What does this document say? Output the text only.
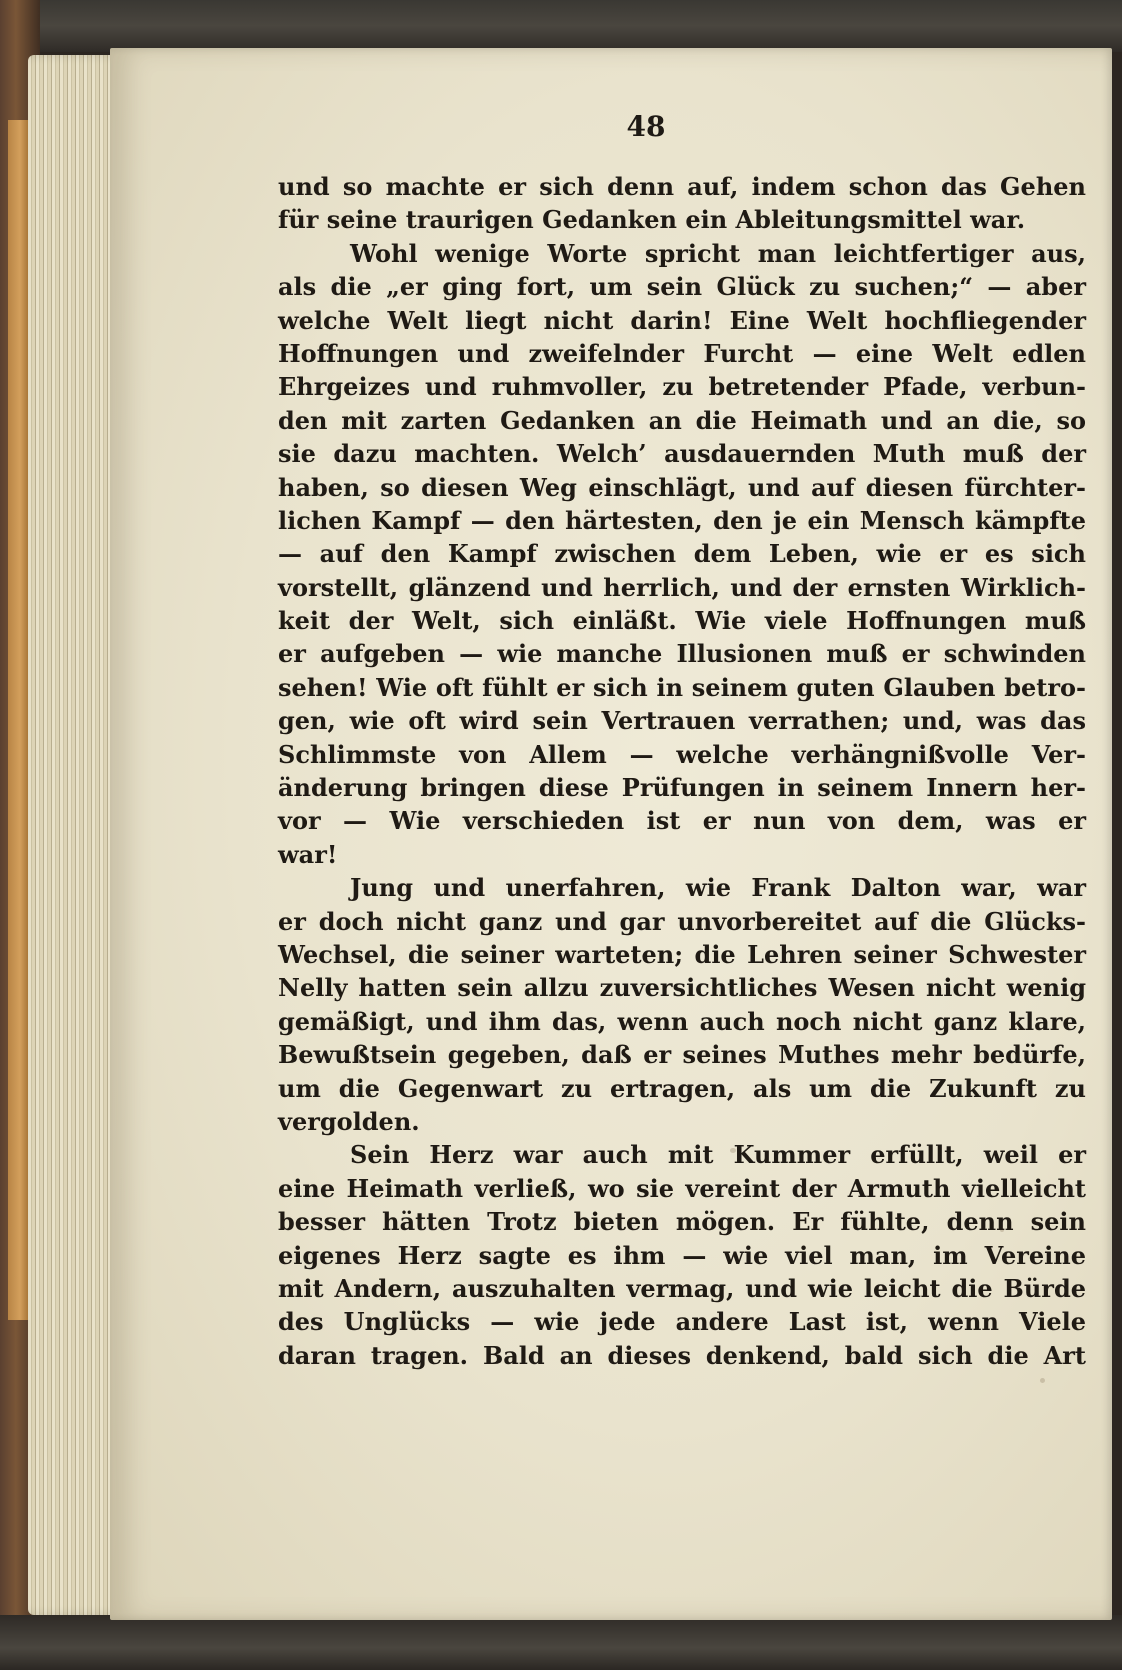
48
und so machte er sich denn auf, indem schon das Gehen
für seine traurigen Gedanken ein Ableitungsmittel war.
Wohl wenige Worte spricht man leichtfertiger aus,
als die „er ging fort, um sein Glück zu suchen;“ — aber
welche Welt liegt nicht darin! Eine Welt hochfliegender
Hoffnungen und zweifelnder Furcht — eine Welt edlen
Ehrgeizes und ruhmvoller, zu betretender Pfade, verbun-
den mit zarten Gedanken an die Heimath und an die, so
sie dazu machten. Welch’ ausdauernden Muth muß der
haben, so diesen Weg einschlägt, und auf diesen fürchter-
lichen Kampf — den härtesten, den je ein Mensch kämpfte
— auf den Kampf zwischen dem Leben, wie er es sich
vorstellt, glänzend und herrlich, und der ernsten Wirklich-
keit der Welt, sich einläßt. Wie viele Hoffnungen muß
er aufgeben — wie manche Illusionen muß er schwinden
sehen! Wie oft fühlt er sich in seinem guten Glauben betro-
gen, wie oft wird sein Vertrauen verrathen; und, was das
Schlimmste von Allem — welche verhängnißvolle Ver-
änderung bringen diese Prüfungen in seinem Innern her-
vor — Wie verschieden ist er nun von dem, was er
war!
Jung und unerfahren, wie Frank Dalton war, war
er doch nicht ganz und gar unvorbereitet auf die Glücks-
Wechsel, die seiner warteten; die Lehren seiner Schwester
Nelly hatten sein allzu zuversichtliches Wesen nicht wenig
gemäßigt, und ihm das, wenn auch noch nicht ganz klare,
Bewußtsein gegeben, daß er seines Muthes mehr bedürfe,
um die Gegenwart zu ertragen, als um die Zukunft zu
vergolden.
Sein Herz war auch mit Kummer erfüllt, weil er
eine Heimath verließ, wo sie vereint der Armuth vielleicht
besser hätten Trotz bieten mögen. Er fühlte, denn sein
eigenes Herz sagte es ihm — wie viel man, im Vereine
mit Andern, auszuhalten vermag, und wie leicht die Bürde
des Unglücks — wie jede andere Last ist, wenn Viele
daran tragen. Bald an dieses denkend, bald sich die Art
